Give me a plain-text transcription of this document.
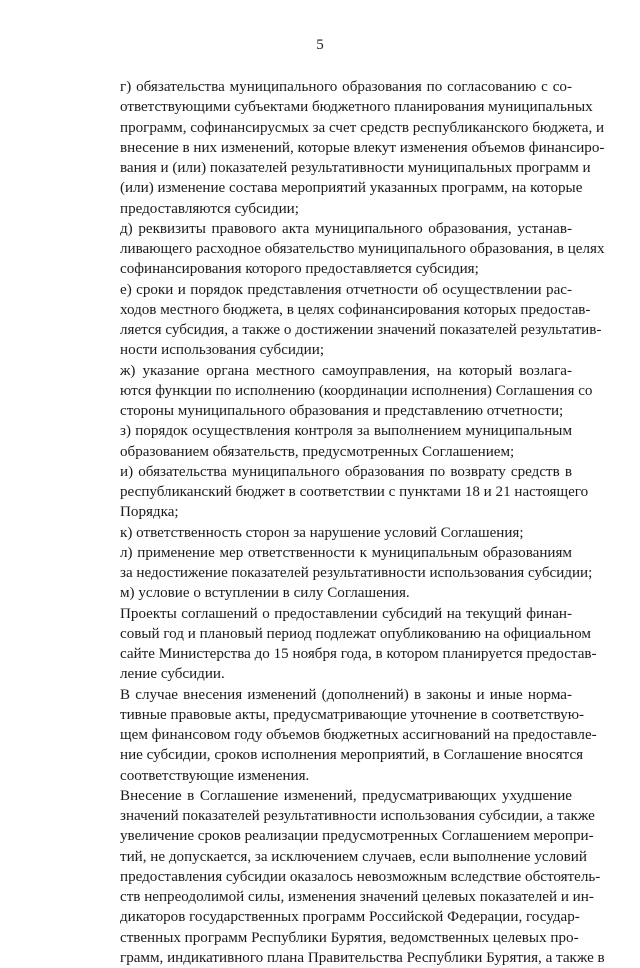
5
г) обязательства муниципального образования по согласованию с со-
ответствующими субъектами бюджетного планирования муниципальных
программ, софинансирусмых за счет средств республиканского бюджета, и
внесение в них изменений, которые влекут изменения объемов финансиро-
вания и (или) показателей результативности муниципальных программ и
(или) изменение состава мероприятий указанных программ, на которые
предоставляются субсидии;
д) реквизиты правового акта муниципального образования, устанав-
ливающего расходное обязательство муниципального образования, в целях
софинансирования которого предоставляется субсидия;
е) сроки и порядок представления отчетности об осуществлении рас-
ходов местного бюджета, в целях софинансирования которых предостав-
ляется субсидия, а также о достижении значений показателей результатив-
ности использования субсидии;
ж) указание органа местного самоуправления, на который возлага-
ются функции по исполнению (координации исполнения) Соглашения со
стороны муниципального образования и представлению отчетности;
з) порядок осуществления контроля за выполнением муниципальным
образованием обязательств, предусмотренных Соглашением;
и) обязательства муниципального образования по возврату средств в
республиканский бюджет в соответствии с пунктами 18 и 21 настоящего
Порядка;
к) ответственность сторон за нарушение условий Соглашения;
л) применение мер ответственности к муниципальным образованиям
за недостижение показателей результативности использования субсидии;
м) условие о вступлении в силу Соглашения.
Проекты соглашений о предоставлении субсидий на текущий финан-
совый год и плановый период подлежат опубликованию на официальном
сайте Министерства до 15 ноября года, в котором планируется предостав-
ление субсидии.
В случае внесения изменений (дополнений) в законы и иные норма-
тивные правовые акты, предусматривающие уточнение в соответствую-
щем финансовом году объемов бюджетных ассигнований на предоставле-
ние субсидии, сроков исполнения мероприятий, в Соглашение вносятся
соответствующие изменения.
Внесение в Соглашение изменений, предусматривающих ухудшение
значений показателей результативности использования субсидии, а также
увеличение сроков реализации предусмотренных Соглашением меропри-
тий, не допускается, за исключением случаев, если выполнение условий
предоставления субсидии оказалось невозможным вследствие обстоятель-
ств непреодолимой силы, изменения значений целевых показателей и ин-
дикаторов государственных программ Российской Федерации, государ-
ственных программ Республики Бурятия, ведомственных целевых про-
грамм, индикативного плана Правительства Республики Бурятия, а также в
